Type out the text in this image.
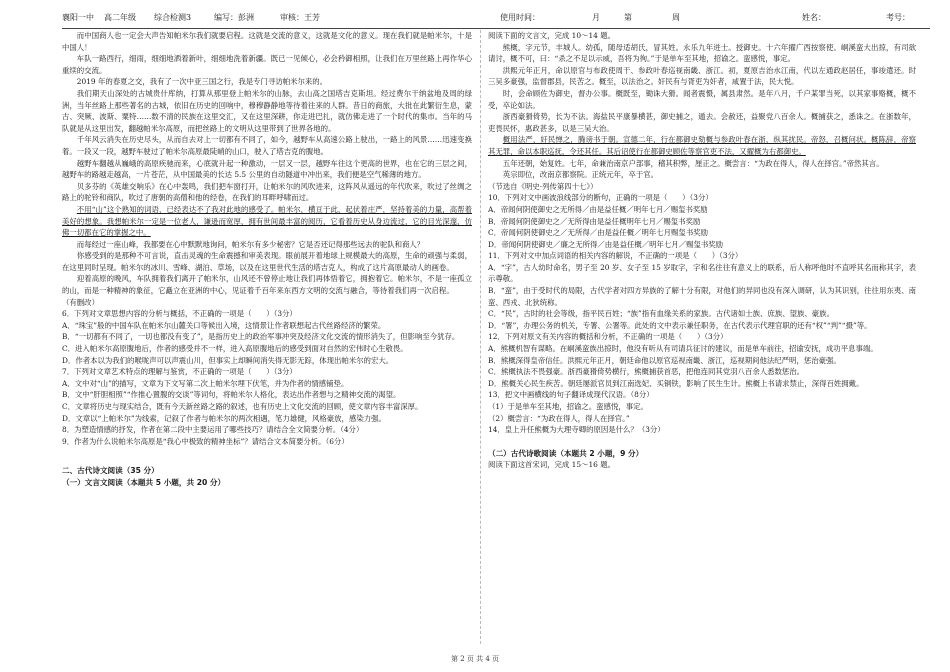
襄阳一中 高二年级 综合检测3	编写：彭洲	审核：王芳	使用时间：	月	第	周	姓名：	考号：

而中国商人也一定会大声告知帕米尔我们就要启程。这就是交流的意义，这就是文化的意义。现在我们就是帕米尔，十是中国人！

车队一路西行，细雨，细细地洒着新叶，细细地洗着新疆。既已一见倾心，必会矜御相照，让我们在万里丝路上再作华心重续的交流。

2019 年的春夏之交，我有了一次中亚三国之行，我是专门寻访帕米尔来的。

我们期天山深处的古城贵什库纳，打算从那里登上帕米尔的山脉，去山高之国塔吉克斯坦。经过费尔干纳盆地及周的绿洲，当年丝路上那些著名的古城，依旧在历史的回响中，穆穆静静地等待着往来的人群。昔日的商旅，大批在此繁衍生息，蒙古、突厥、波斯、粟特……数不清的民族在这里交汇，又在这里深耕，你走进巴扎，就仿佛走进了一个时代的集市。当年的马队就是从这里出发，翻越帕米尔高原，而把丝路上的文明从这里带到了世界各地的。

千年风云消失在历史尽头，从而自去对上一切都有不同了，如今，越野车从高速公路上驶出，一路上的风景……迅速变换着。一段又一段，越野车驶过了帕米尔高原最陡峭的山口，驶入了塔吉克的腹地。

越野车翻越从巍峨的高原疾驰而来，心底就升起一种激动，一层又一层，越野车往这个更高的世界，也在它的三层之间，越野车的路越走越高，一片苍茫，从中国最美的长达 5.5 公里的自动隧道中冲出来，我们便是空气稀薄的地方。

贝多芬的《英雄交响乐》在心中轰鸣，我们把车窗打开，让帕米尔的风吹进来，这阵风从遥远的年代吹来，吹过了丝绸之路上的驼铃和商队，吹过了唐朝的高僧和他的经卷，在我们的耳畔呼啸而过。

不用“山”这个熟知的词语，已经表达不了我对此地的感受了。帕米尔，横亘于此，起伏着庄严，坚持着美的力量，高帮着美好的想象。我想帕米尔一定是一位老人，谦逊而宽厚，拥有世间最丰富的阅历，它看着历史从身边流过，它的目光深邃，仿佛一切都在它的掌握之中。

而每经过一座山峰，我都要在心中默默地询问，帕米尔有多少秘密？它是否还记得那些远去的驼队和商人？

你感受到的是那种不可言说，直击灵魂的生命震撼和审美表现。眼前展开着地球上规模最大的高原，生命的顽强与柔弱，在这里同时呈现。帕米尔的冰川、雪峰、湖泊、草场，以及在这里世代生活的塔吉克人，构成了这片高原最动人的画卷。

迎着高原的晚风，车队拥着我们离开了帕米尔，山风还不曾停止地让我们再体悟着它，拥抱着它。帕米尔，不是一座孤立的山，而是一种精神的象征，它矗立在亚洲的中心，见证着千百年来东西方文明的交流与融合，等待着我们再一次启程。

（有删改）

6．下列对文章思想内容的分析与概括，不正确的一项是（　　）（3分）

A．“珠宝”般的中国车队在帕米尔山麓关口等候出入境，这情景让作者联想起古代丝路经济的繁荣。

B．“一切都有不同了，一切也都没有变了”，是指历史上的政治军事冲突及经济文化交流的情形消失了，但影响至今犹存。

C．进入帕米尔高原腹地后，作者的感受并不一样，进入高原腹地后的感受到面对自然的宏伟时心生敬畏。

D．作者本以为我们的喉咙声可以声震山川，但事实上却瞬间消失得无影无踪，体现出帕米尔的宏大。

7．下列对文章艺术特点的理解与鉴赏，不正确的一项是（　　）（3分）

A．文中对“山”的描写，文章为下文写第二次上帕米尔埋下伏笔，并为作者的情感铺垫。

B．文中“肝胆相照”“作推心置腹的交谈”等词句，将帕米尔人格化，表达出作者想与之精神交流的渴望。

C．文章将历史与现实结合，既有今天新丝路之路的叙述，也有历史上文化交流的回顾，使文章内容丰富深厚。

D．文章以“上帕米尔”为线索，记叙了作者与帕米尔的两次相遇，笔力雄健，风格豪放，感染力强。

8．为塑造情感的抒发，作者在第二段中主要运用了哪些技巧？请结合全文简要分析。（4分）

9．作者为什么说帕米尔高原是“我心中极致的精神坐标”？请结合文本简要分析。（6分）

二、古代诗文阅读（35 分）

（一）文言文阅读（本题共 5 小题，共 20 分）

阅读下面的文言文，完成 10～14 题。

熊概，字元节，丰城人。幼孤，随母适胡氏，冒其姓。永乐九年进士。授御史。十六年擢广西按察使。峒溪蛮大出掠，有司欲请讨，概不可，曰：“杀之不足以示威，吾将为徇。”于是单车至其地，招谕之。蛮感悦，事定。

洪熙元年正月，命以原官与布政使周干、参政叶春巡视南畿、浙江。初，夏原吉治水江南，代以左通政赵居任，事竣遣还。时三吴多豪强，监督郡县，民苦之。概至，以法治之。奸民有与胥吏为奸者，咸置于法，民大悦。

时，会命顾佐为御史，督办公事。概既至，锄诛大猾。闻者震慑，属县肃然。是年八月，千户某罪当死，以其家事赂概，概不受，卒论如法。

浙西豪猾倚势，长为不法。海盐民平康暴横甚，御史捕之，遁去。会赦还，益聚党八百余人。概捕获之，悉诛之。在浙数年，吏畏民怀，惠政甚多，以是三吴大治。

概用法严，奸民惮之，腾谤书于朝。宣德二年，行在都御史劾概与参政叶春在浙，纵其扰民。帝怒，召概问状。概陈辞，帝察其无罪，命以本职巡抚，令还其任。其后诏使行在都御史顾佐等察官吏不法，又擢概为右都御史。

五年还朝，始复姓。七年，命兼治南京户部事，稽其积弊，厘正之。概尝言：“为政在得人，得人在择官。”帝然其言。

英宗即位，改南京都察院。正统元年，卒于官。

（节选自《明史·列传第四十七》）

10．下列对文中画波浪线部分的断句，正确的一项是（　　）（3分）

A．帝闻何阴使御史之无所得／由是益任概／明年七月／赐玺书奖励

B．帝闻何阴使御史之／无所得由是益任概明年七月／赐玺书奖励

C．帝闻何阴使御史之／无所得／由是益任概／明年七月赐玺书奖励

D．帝闻何阴使御史／廉之无所得／由是益任概／明年七月／赐玺书奖励

11．下列对文中加点词语的相关内容的解说，不正确的一项是（　　）（3分）

A．“字”，古人幼时命名，男子至 20 岁、女子至 15 岁取字，字和名往往有意义上的联系，后人称呼他时不直呼其名而称其字，表示尊敬。

B．“蛮”，由于受时代的局限，古代学者对四方异族的了解十分有限，对他们的异同也没有深入调研，认为其识别，往往用东夷、南蛮、西戎、北狄统称。

C．“民”，古时的社会等级，指平民百姓；“族”指有血缘关系的家族。古代诸如士族、庶族、望族、豪族。

D．“署”，办理公务的机关，专署、公署等。此处的文中表示兼任职务，在古代表示代理官职的还有“权”“判”“摄”等。

12．下列对原文有关内容的概括和分析，不正确的一项是（　　）（3分）

A．熊概机智有谋略。在峒溪蛮族出掠时，他没有听从有司请兵征讨的建议，而是单车前往，招谕安抚，成功平息事端。

B．熊概深得皇帝信任。洪熙元年正月，朝廷命他以原官巡视南畿、浙江，巡视期间他法纪严明，惩治豪强。

C．熊概执法不畏强豪。浙西豪猾倚势横行，熊概捕获首恶，把他连同其党羽八百余人悉数惩治。

D．熊概关心民生疾苦。朝廷屡派官员到江南选妃、买铜铁，影响了民生生计。熊概上书请求禁止，深得百姓拥戴。

13．把文中画横线的句子翻译成现代汉语。（8分）

（1）于是单车至其地，招谕之。蛮感悦，事定。

（2）概尝言：“为政在得人，得人在择官。”

14．皇上升任熊概为大理寺卿的原因是什么？（3分）

（二）古代诗歌阅读（本题共 2 小题，9 分）

阅读下面这首宋词，完成 15～16 题。

第 2 页 共 4 页
